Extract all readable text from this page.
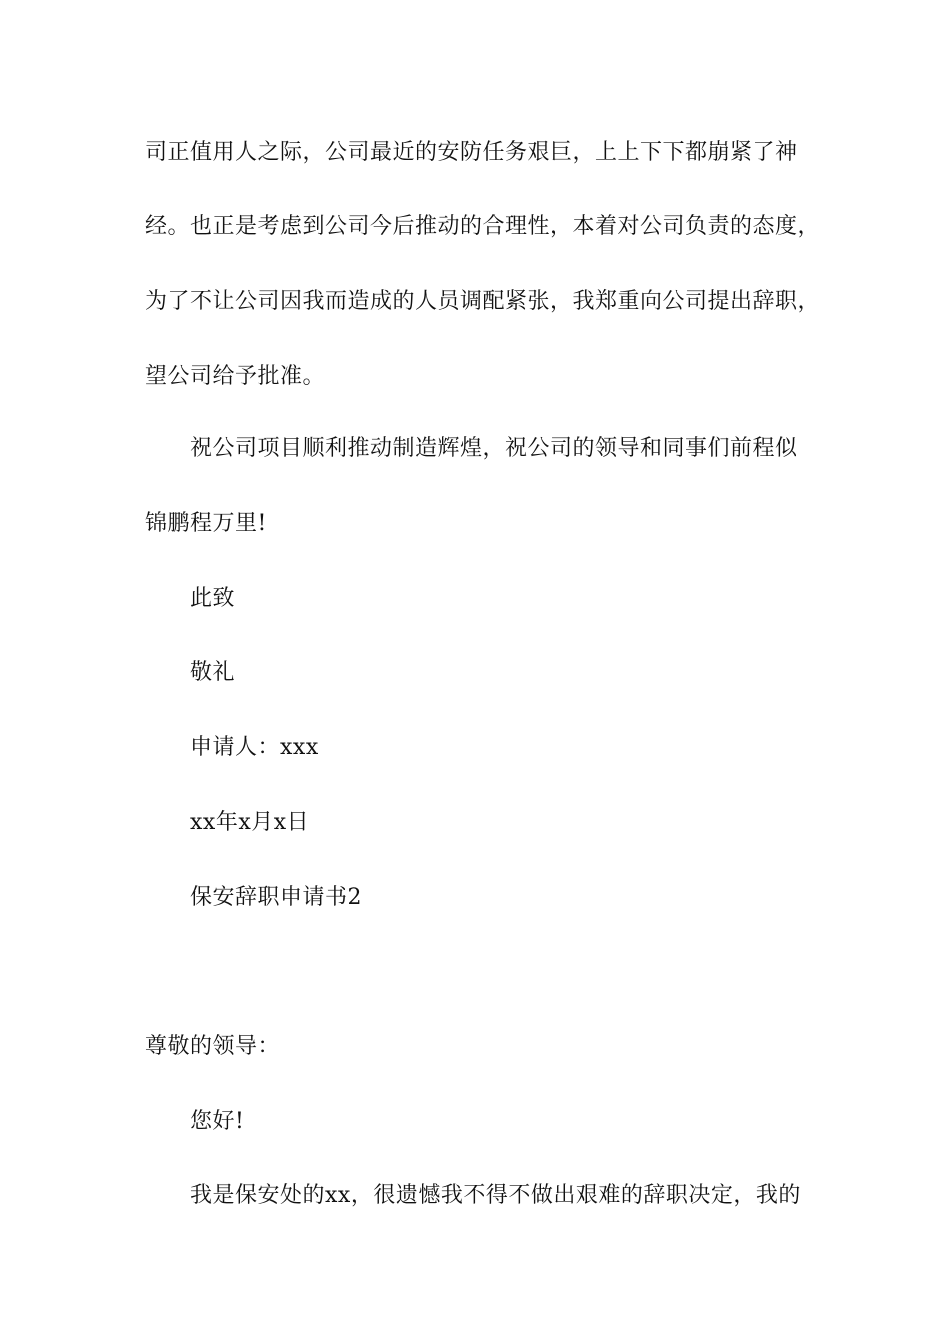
司正值用人之际，公司最近的安防任务艰巨，上上下下都崩紧了神
经。也正是考虑到公司今后推动的合理性，本着对公司负责的态度，
为了不让公司因我而造成的人员调配紧张，我郑重向公司提出辞职，
望公司给予批准。
祝公司项目顺利推动制造辉煌，祝公司的领导和同事们前程似
锦鹏程万里!
此致
敬礼
申请人：xxx
xx年x月x日
保安辞职申请书2
尊敬的领导：
您好!
我是保安处的xx，很遗憾我不得不做出艰难的辞职决定，我的
